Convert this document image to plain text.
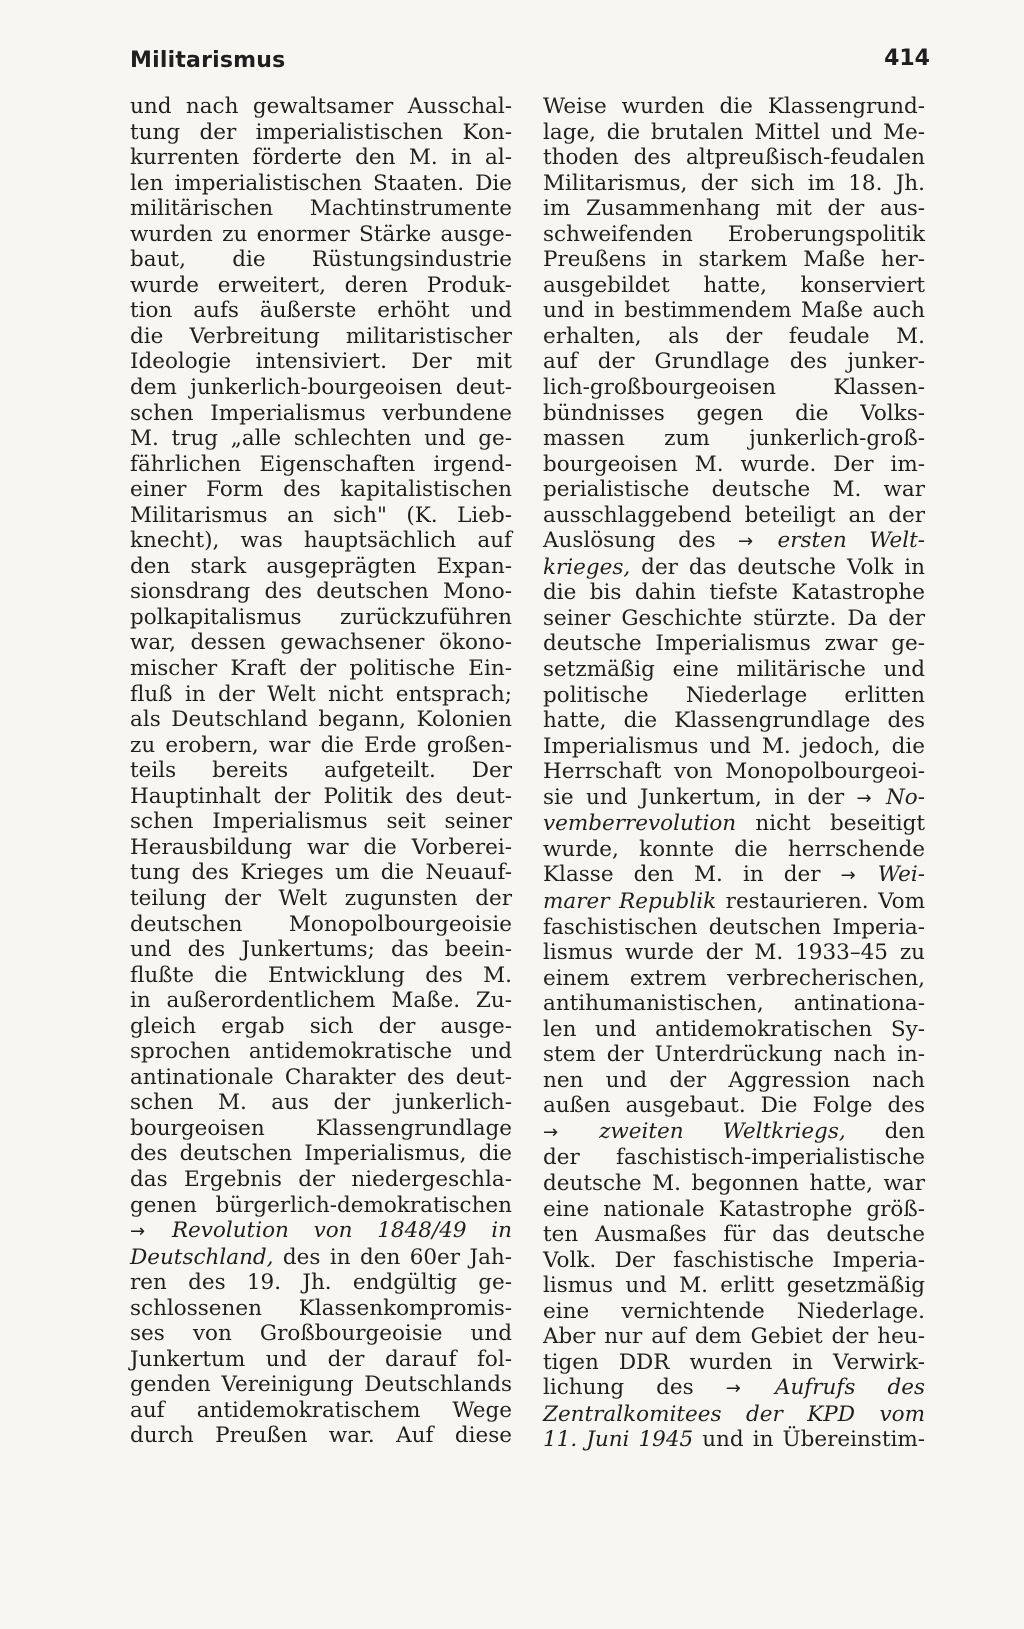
Militarismus	414

und nach gewaltsamer Ausschal-

tung der imperialistischen Kon-

kurrenten förderte den M. in al-

len imperialistischen Staaten. Die

militärischen Machtinstrumente

wurden zu enormer Stärke ausge-

baut, die Rüstungsindustrie

wurde erweitert, deren Produk-

tion aufs äußerste erhöht und

die Verbreitung militaristischer

Ideologie intensiviert. Der mit

dem junkerlich-bourgeoisen deut-

schen Imperialismus verbundene

M. trug „alle schlechten und ge-

fährlichen Eigenschaften irgend-

einer Form des kapitalistischen

Militarismus an sich" (K. Lieb-

knecht), was hauptsächlich auf

den stark ausgeprägten Expan-

sionsdrang des deutschen Mono-

polkapitalismus zurückzuführen

war, dessen gewachsener ökono-

mischer Kraft der politische Ein-

fluß in der Welt nicht entsprach;

als Deutschland begann, Kolonien

zu erobern, war die Erde großen-

teils bereits aufgeteilt. Der

Hauptinhalt der Politik des deut-

schen Imperialismus seit seiner

Herausbildung war die Vorberei-

tung des Krieges um die Neuauf-

teilung der Welt zugunsten der

deutschen Monopolbourgeoisie

und des Junkertums; das beein-

flußte die Entwicklung des M.

in außerordentlichem Maße. Zu-

gleich ergab sich der ausge-

sprochen antidemokratische und

antinationale Charakter des deut-

schen M. aus der junkerlich-

bourgeoisen Klassengrundlage

des deutschen Imperialismus, die

das Ergebnis der niedergeschla-

genen bürgerlich-demokratischen

→ Revolution von 1848/49 in

Deutschland, des in den 60er Jah-

ren des 19. Jh. endgültig ge-

schlossenen Klassenkompromis-

ses von Großbourgeoisie und

Junkertum und der darauf fol-

genden Vereinigung Deutschlands

auf antidemokratischem Wege

durch Preußen war. Auf diese

Weise wurden die Klassengrund-

lage, die brutalen Mittel und Me-

thoden des altpreußisch-feudalen

Militarismus, der sich im 18. Jh.

im Zusammenhang mit der aus-

schweifenden Eroberungspolitik

Preußens in starkem Maße her-

ausgebildet hatte, konserviert

und in bestimmendem Maße auch

erhalten, als der feudale M.

auf der Grundlage des junker-

lich-großbourgeoisen Klassen-

bündnisses gegen die Volks-

massen zum junkerlich-groß-

bourgeoisen M. wurde. Der im-

perialistische deutsche M. war

ausschlaggebend beteiligt an der

Auslösung des → ersten Welt-

krieges, der das deutsche Volk in

die bis dahin tiefste Katastrophe

seiner Geschichte stürzte. Da der

deutsche Imperialismus zwar ge-

setzmäßig eine militärische und

politische Niederlage erlitten

hatte, die Klassengrundlage des

Imperialismus und M. jedoch, die

Herrschaft von Monopolbourgeoi-

sie und Junkertum, in der → No-

vemberrevolution nicht beseitigt

wurde, konnte die herrschende

Klasse den M. in der → Wei-

marer Republik restaurieren. Vom

faschistischen deutschen Imperia-

lismus wurde der M. 1933–45 zu

einem extrem verbrecherischen,

antihumanistischen, antinationa-

len und antidemokratischen Sy-

stem der Unterdrückung nach in-

nen und der Aggression nach

außen ausgebaut. Die Folge des

→ zweiten Weltkriegs, den

der faschistisch-imperialistische

deutsche M. begonnen hatte, war

eine nationale Katastrophe größ-

ten Ausmaßes für das deutsche

Volk. Der faschistische Imperia-

lismus und M. erlitt gesetzmäßig

eine vernichtende Niederlage.

Aber nur auf dem Gebiet der heu-

tigen DDR wurden in Verwirk-

lichung des → Aufrufs des

Zentralkomitees der KPD vom

11. Juni 1945 und in Übereinstim-
